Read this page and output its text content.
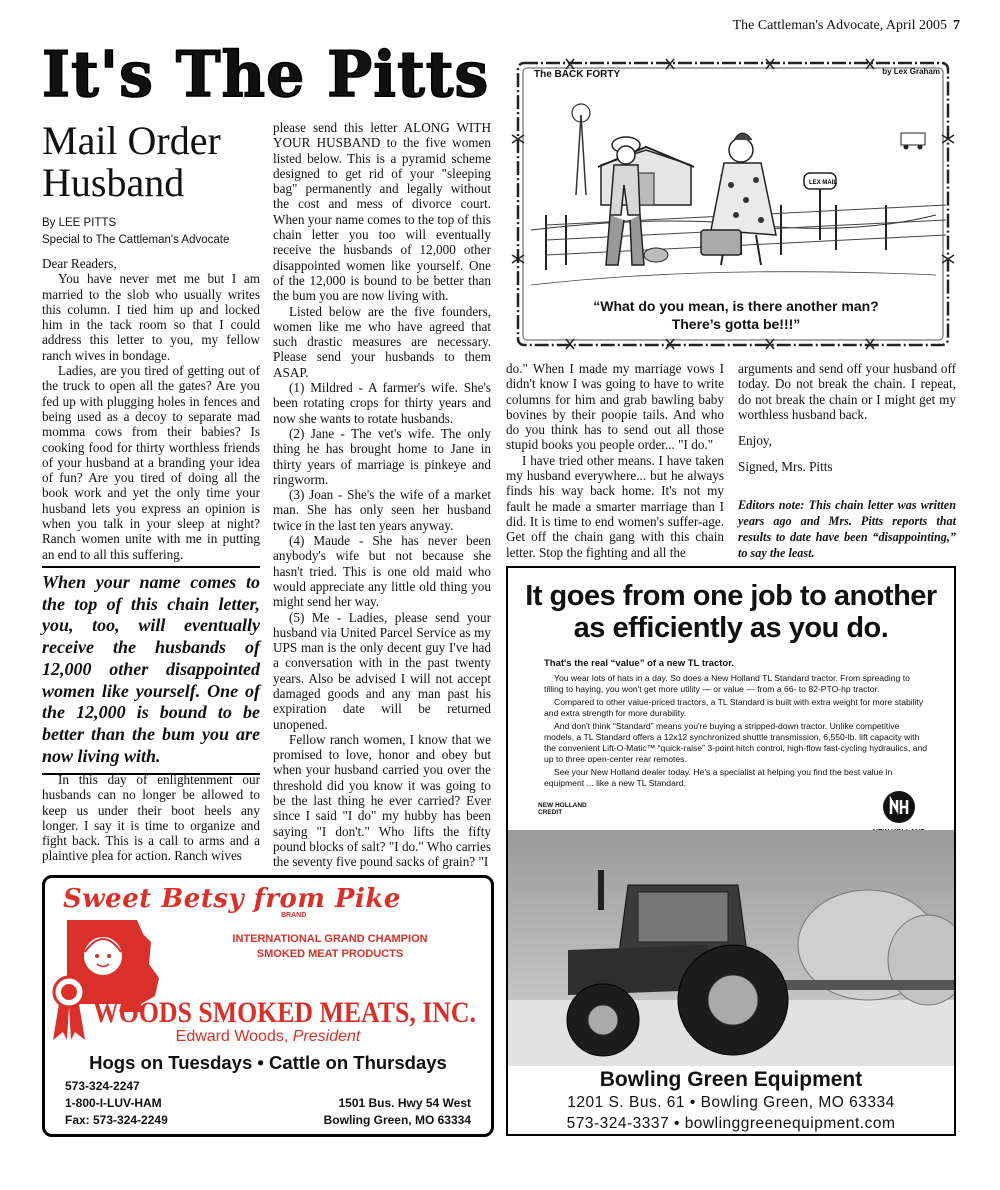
The Cattleman's Advocate, April 2005 7
It's The Pitts
Mail Order
Husband
By LEE PITTS
Special to The Cattleman's Advocate

Dear Readers,

You have never met me but I am married to the slob who usually writes this column. I tied him up and locked him in the tack room so that I could address this letter to you, my fellow ranch wives in bondage.

Ladies, are you tired of getting out of the truck to open all the gates? Are you fed up with plugging holes in fences and being used as a decoy to separate mad momma cows from their babies? Is cooking food for thirty worthless friends of your husband at a branding your idea of fun? Are you tired of doing all the book work and yet the only time your husband lets you express an opinion is when you talk in your sleep at night? Ranch women unite with me in putting an end to all this suffering.

When your name comes to the top of this chain letter, you, too, will eventually receive the husbands of 12,000 other disappointed women like yourself. One of the 12,000 is bound to be better than the bum you are now living with.

In this day of enlightenment our husbands can no longer be allowed to keep us under their boot heels any longer. I say it is time to organize and fight back. This is a call to arms and a plaintive plea for action. Ranch wives

please send this letter ALONG WITH YOUR HUSBAND to the five women listed below. This is a pyramid scheme designed to get rid of your "sleeping bag" permanently and legally without the cost and mess of divorce court. When your name comes to the top of this chain letter you too will eventually receive the husbands of 12,000 other disappointed women like yourself. One of the 12,000 is bound to be better than the bum you are now living with.

Listed below are the five founders, women like me who have agreed that such drastic measures are necessary. Please send your husbands to them ASAP.

(1) Mildred - A farmer's wife. She's been rotating crops for thirty years and now she wants to rotate husbands.

(2) Jane - The vet's wife. The only thing he has brought home to Jane in thirty years of marriage is pinkeye and ringworm.

(3) Joan - She's the wife of a market man. She has only seen her husband twice in the last ten years anyway.

(4) Maude - She has never been anybody's wife but not because she hasn't tried. This is one old maid who would appreciate any little old thing you might send her way.

(5) Me - Ladies, please send your husband via United Parcel Service as my UPS man is the only decent guy I've had a conversation with in the past twenty years. Also be advised I will not accept damaged goods and any man past his expiration date will be returned unopened.

Fellow ranch women, I know that we promised to love, honor and obey but when your husband carried you over the threshold did you know it was going to be the last thing he ever carried? Ever since I said "I do" my hubby has been saying "I don't." Who lifts the fifty pound blocks of salt? "I do." Who carries the seventy five pound sacks of grain? "I

LEX MAIL
The BACK FORTY	by Lex Graham
“What do you mean, is there another man?
There’s gotta be!!!”

do." When I made my marriage vows I didn't know I was going to have to write columns for him and grab bawling baby bovines by their poopie tails. And who do you think has to send out all those stupid books you people order... "I do."

I have tried other means. I have taken my husband everywhere... but he always finds his way back home. It's not my fault he made a smarter marriage than I did. It is time to end women's suffer-age. Get off the chain gang with this chain letter. Stop the fighting and all the

arguments and send off your husband off today. Do not break the chain. I repeat, do not break the chain or I might get my worthless husband back.

Enjoy,

Signed, Mrs. Pitts

Editors note: This chain letter was written years ago and Mrs. Pitts reports that results to date have been “disappointing,” to say the least.
It goes from one job to another
as efficiently as you do.
That's the real “value” of a new TL tractor.

You wear lots of hats in a day. So does a New Holland TL Standard tractor. From spreading to tilling to haying, you won't get more utility — or value — from a 66- to 82-PTO-hp tractor.

Compared to other value-priced tractors, a TL Standard is built with extra weight for more stability and extra strength for more durability.

And don't think “Standard” means you're buying a stripped-down tractor. Unlike competitive models, a TL Standard offers a 12x12 synchronized shuttle transmission, 6,550-lb. lift capacity with the convenient Lift-O-Matic™ “quick-raise” 3-point hitch control, high-flow fast-cycling hydraulics, and up to three open-center rear remotes.

See your New Holland dealer today. He's a specialist at helping you find the best value in equipment ... like a new TL Standard.

NEW HOLLAND
CREDIT
Bowling Green Equipment
1201 S. Bus. 61 • Bowling Green, MO 63334
573-324-3337 • bowlinggreenequipment.com
Sweet Betsy from Pike
BRAND
INTERNATIONAL GRAND CHAMPION
SMOKED MEAT PRODUCTS
WOODS SMOKED MEATS, INC.
Edward Woods, President
Hogs on Tuesdays • Cattle on Thursdays
573-324-2247
1-800-I-LUV-HAM
Fax: 573-324-2249
1501 Bus. Hwy 54 West
Bowling Green, MO 63334
